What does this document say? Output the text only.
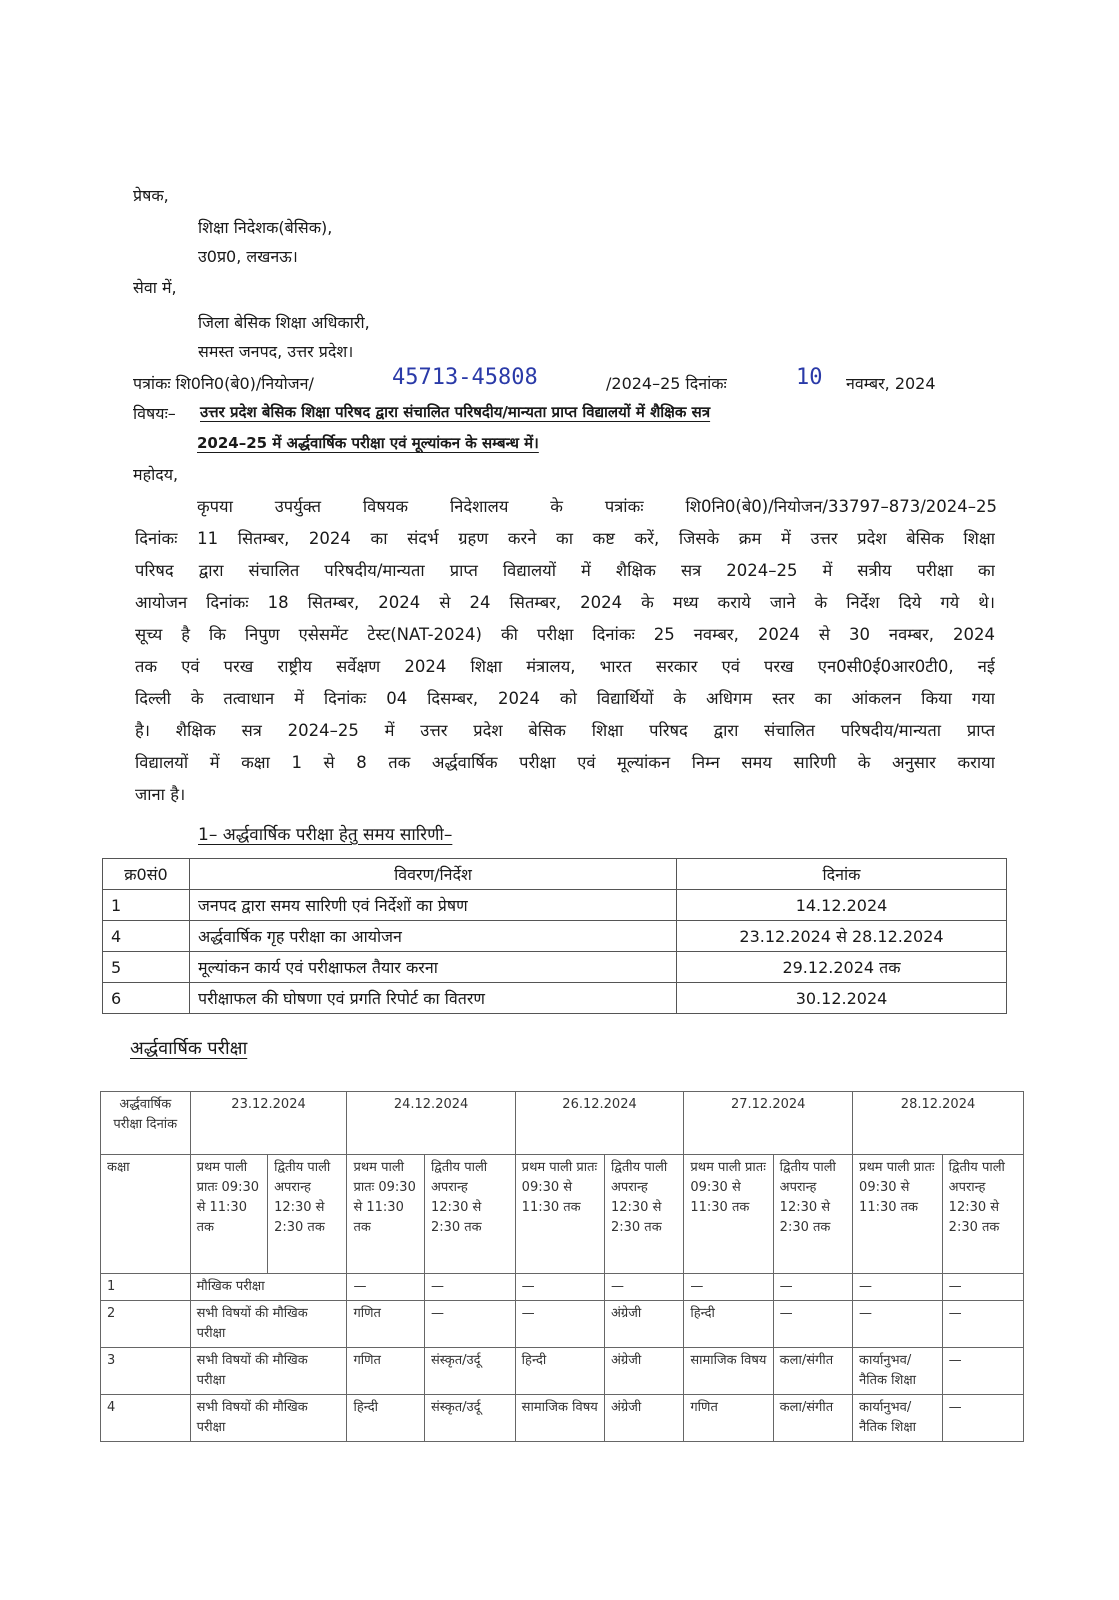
प्रेषक,
शिक्षा निदेशक(बेसिक),
उ0प्र0, लखनऊ।
सेवा में,
जिला बेसिक शिक्षा अधिकारी,
समस्त जनपद, उत्तर प्रदेश।
पत्रांकः शि0नि0(बे0)/नियोजन/	45713-45808	/2024–25 दिनांकः	10 नवम्बर, 2024
विषयः– उत्तर प्रदेश बेसिक शिक्षा परिषद द्वारा संचालित परिषदीय/मान्यता प्राप्त विद्यालयों में शैक्षिक सत्र
2024–25 में अर्द्धवार्षिक परीक्षा एवं मूल्यांकन के सम्बन्ध में।
महोदय,
कृपया उपर्युक्त विषयक निदेशालय के पत्रांकः शि0नि0(बे0)/नियोजन/33797–873/2024–25
दिनांकः 11 सितम्बर, 2024 का संदर्भ ग्रहण करने का कष्ट करें, जिसके क्रम में उत्तर प्रदेश बेसिक शिक्षा
परिषद द्वारा संचालित परिषदीय/मान्यता प्राप्त विद्यालयों में शैक्षिक सत्र 2024–25 में सत्रीय परीक्षा का
आयोजन दिनांकः 18 सितम्बर, 2024 से 24 सितम्बर, 2024 के मध्य कराये जाने के निर्देश दिये गये थे।
सूच्य है कि निपुण एसेसमेंट टेस्ट(NAT-2024) की परीक्षा दिनांकः 25 नवम्बर, 2024 से 30 नवम्बर, 2024
तक एवं परख राष्ट्रीय सर्वेक्षण 2024 शिक्षा मंत्रालय, भारत सरकार एवं परख एन0सी0ई0आर0टी0, नई
दिल्ली के तत्वाधान में दिनांकः 04 दिसम्बर, 2024 को विद्यार्थियों के अधिगम स्तर का आंकलन किया गया
है। शैक्षिक सत्र 2024–25 में उत्तर प्रदेश बेसिक शिक्षा परिषद द्वारा संचालित परिषदीय/मान्यता प्राप्त
विद्यालयों में कक्षा 1 से 8 तक अर्द्धवार्षिक परीक्षा एवं मूल्यांकन निम्न समय सारिणी के अनुसार कराया
जाना है।
1– अर्द्धवार्षिक परीक्षा हेतु समय सारिणी–
क्र0सं0	विवरण/निर्देश	दिनांक
1	जनपद द्वारा समय सारिणी एवं निर्देशों का प्रेषण	14.12.2024
4	अर्द्धवार्षिक गृह परीक्षा का आयोजन	23.12.2024 से 28.12.2024
5	मूल्यांकन कार्य एवं परीक्षाफल तैयार करना	29.12.2024 तक
6	परीक्षाफल की घोषणा एवं प्रगति रिपोर्ट का वितरण	30.12.2024
अर्द्धवार्षिक परीक्षा
अर्द्धवार्षिक परीक्षा दिनांक	23.12.2024		24.12.2024		26.12.2024		27.12.2024		28.12.2024	
कक्षा	प्रथम पाली प्रातः 09:30 से 11:30 तक	द्वितीय पाली अपरान्ह 12:30 से 2:30 तक	प्रथम पाली प्रातः 09:30 से 11:30 तक	द्वितीय पाली अपरान्ह 12:30 से 2:30 तक	प्रथम पाली प्रातः 09:30 से 11:30 तक	द्वितीय पाली अपरान्ह 12:30 से 2:30 तक	प्रथम पाली प्रातः 09:30 से 11:30 तक	द्वितीय पाली अपरान्ह 12:30 से 2:30 तक	प्रथम पाली प्रातः 09:30 से 11:30 तक	द्वितीय पाली अपरान्ह 12:30 से 2:30 तक
1	मौखिक परीक्षा		—	—	—	—	—	—	—	—
2	सभी विषयों की मौखिक परीक्षा		गणित	—	—	अंग्रेजी	हिन्दी	—	—	—
3	सभी विषयों की मौखिक परीक्षा		गणित	संस्कृत/उर्दू	हिन्दी	अंग्रेजी	सामाजिक विषय	कला/संगीत	कार्यानुभव/नैतिक शिक्षा	—
4	सभी विषयों की मौखिक परीक्षा		हिन्दी	संस्कृत/उर्दू	सामाजिक विषय	अंग्रेजी	गणित	कला/संगीत	कार्यानुभव/नैतिक शिक्षा	—
